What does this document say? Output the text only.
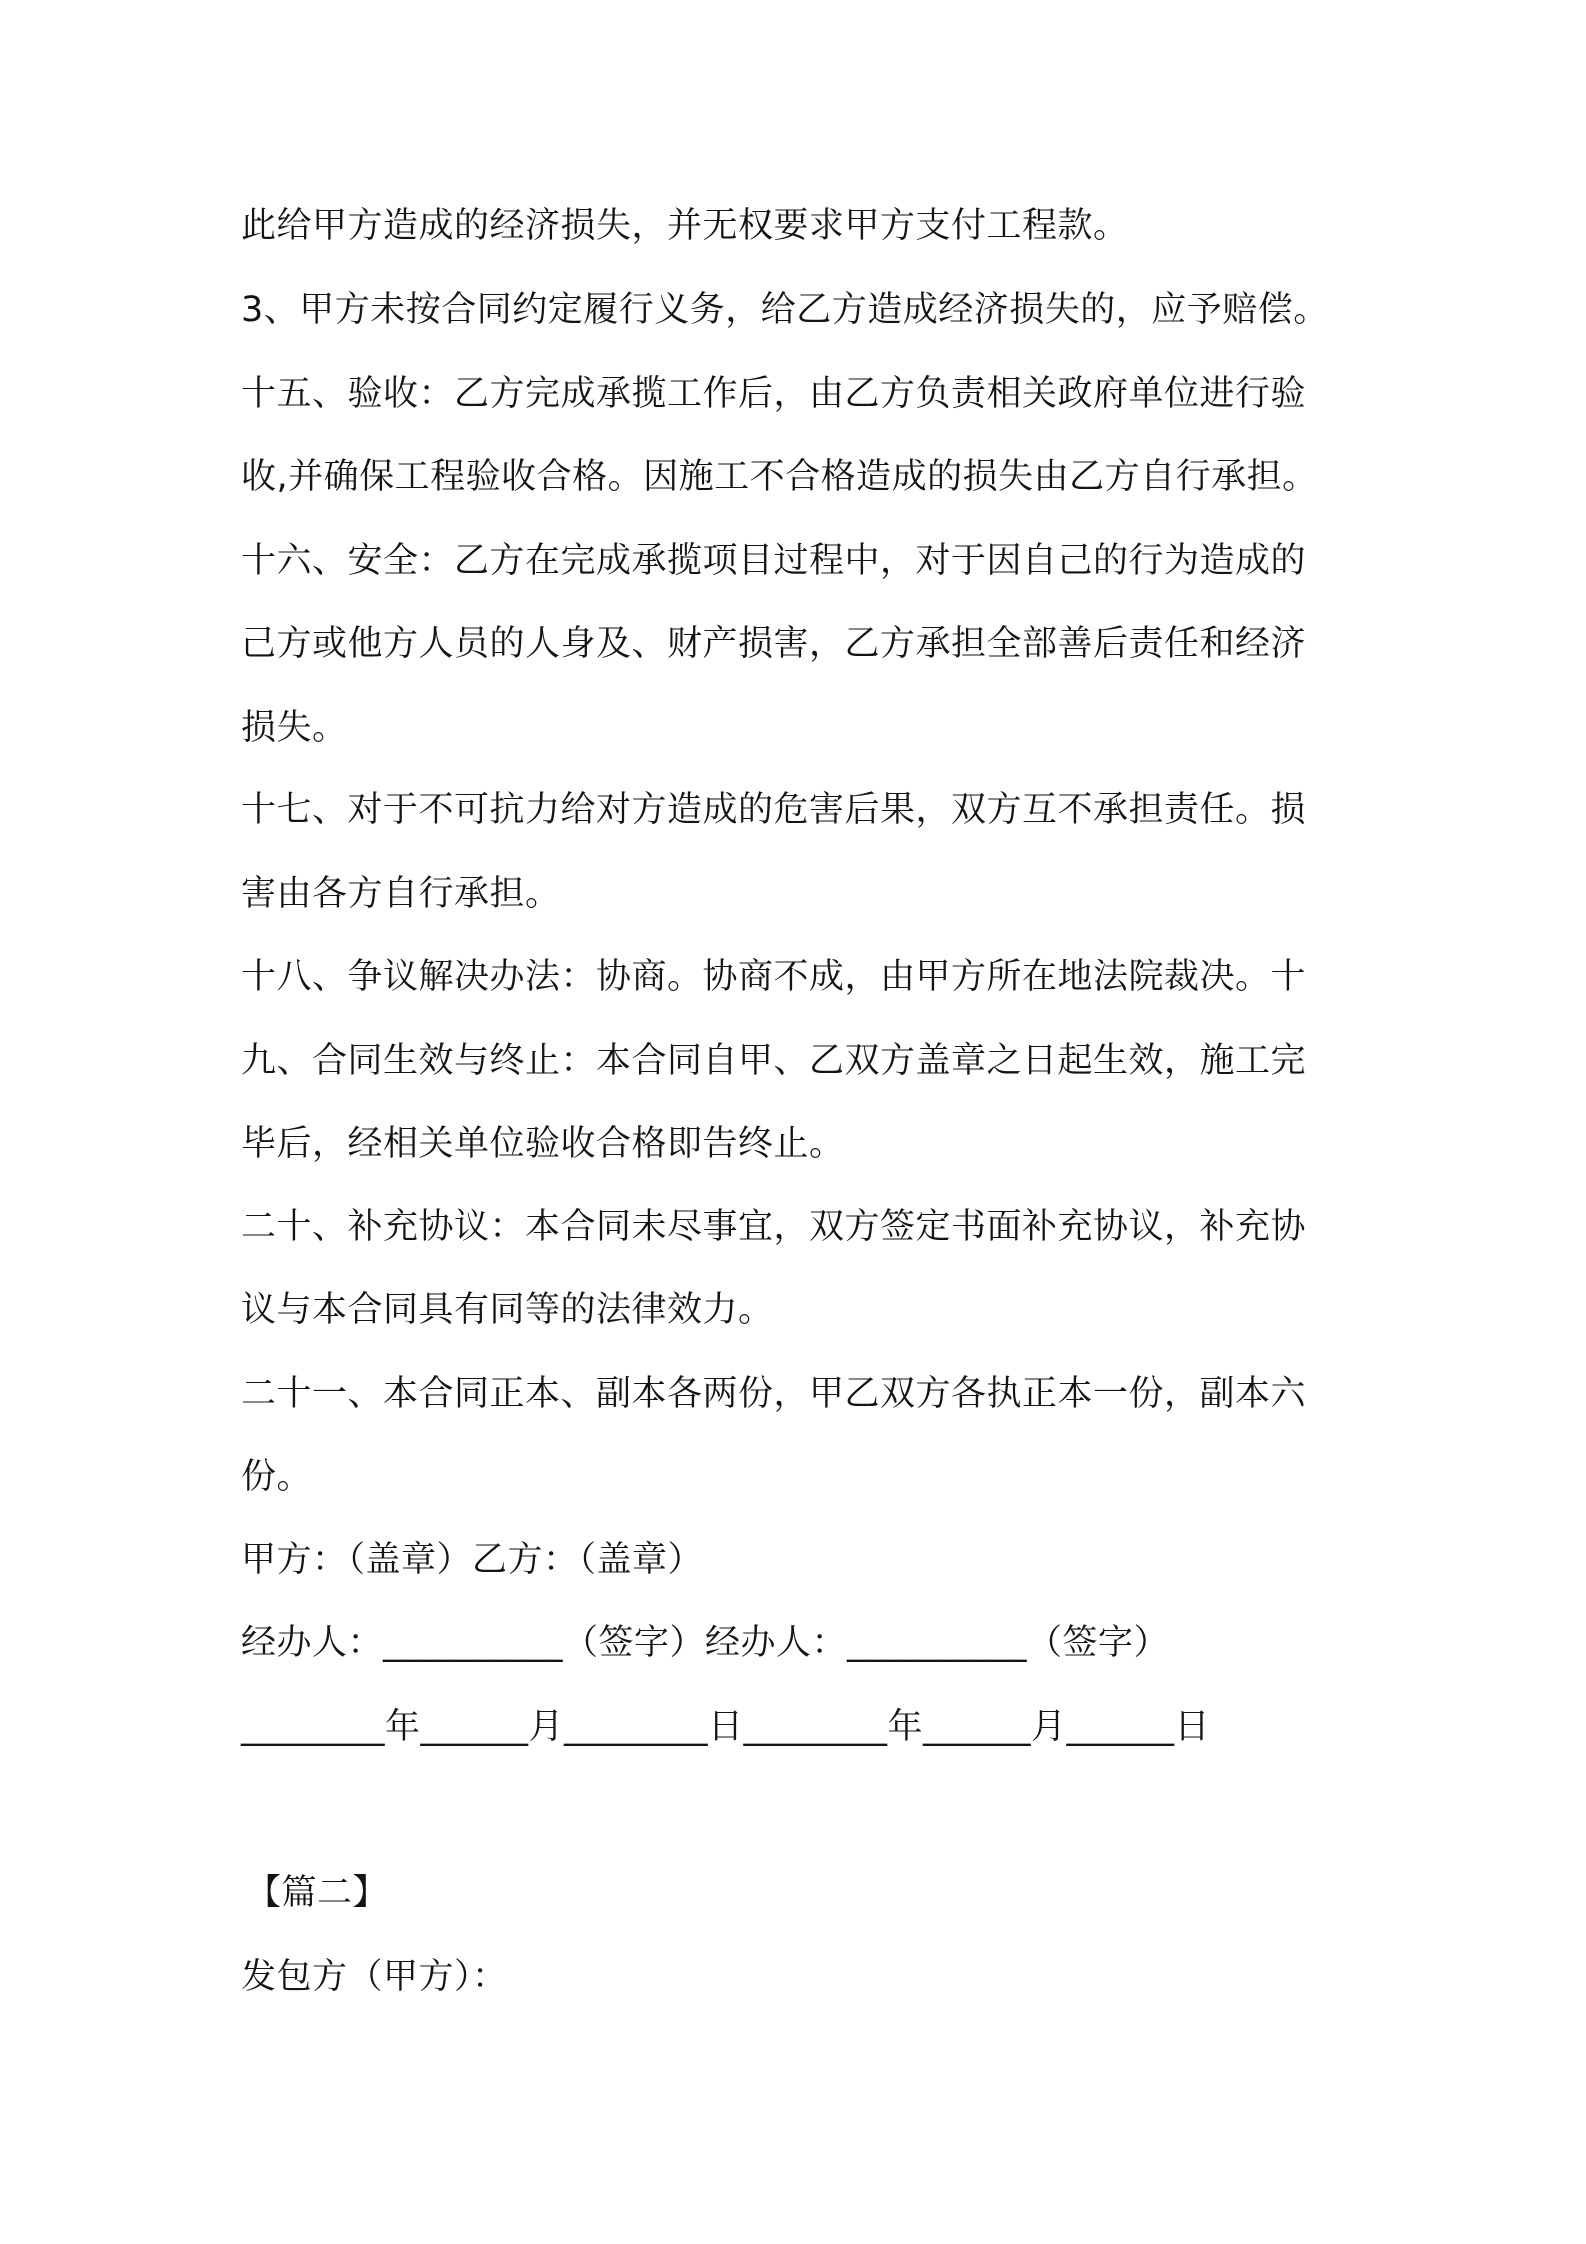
此给甲方造成的经济损失，并无权要求甲方支付工程款。
3、甲方未按合同约定履行义务，给乙方造成经济损失的，应予赔偿。
十五、验收：乙方完成承揽工作后，由乙方负责相关政府单位进行验
收,并确保工程验收合格。因施工不合格造成的损失由乙方自行承担。
十六、安全：乙方在完成承揽项目过程中，对于因自己的行为造成的
己方或他方人员的人身及、财产损害，乙方承担全部善后责任和经济
损失。
十七、对于不可抗力给对方造成的危害后果，双方互不承担责任。损
害由各方自行承担。
十八、争议解决办法：协商。协商不成，由甲方所在地法院裁决。十
九、合同生效与终止：本合同自甲、乙双方盖章之日起生效，施工完
毕后，经相关单位验收合格即告终止。
二十、补充协议：本合同未尽事宜，双方签定书面补充协议，补充协
议与本合同具有同等的法律效力。
二十一、本合同正本、副本各两份，甲乙双方各执正本一份，副本六
份。
甲方：（盖章）乙方：（盖章）
经办人：__________（签字）经办人：__________（签字）
________年______月________日________年______月______日
【篇二】
发包方（甲方）：
